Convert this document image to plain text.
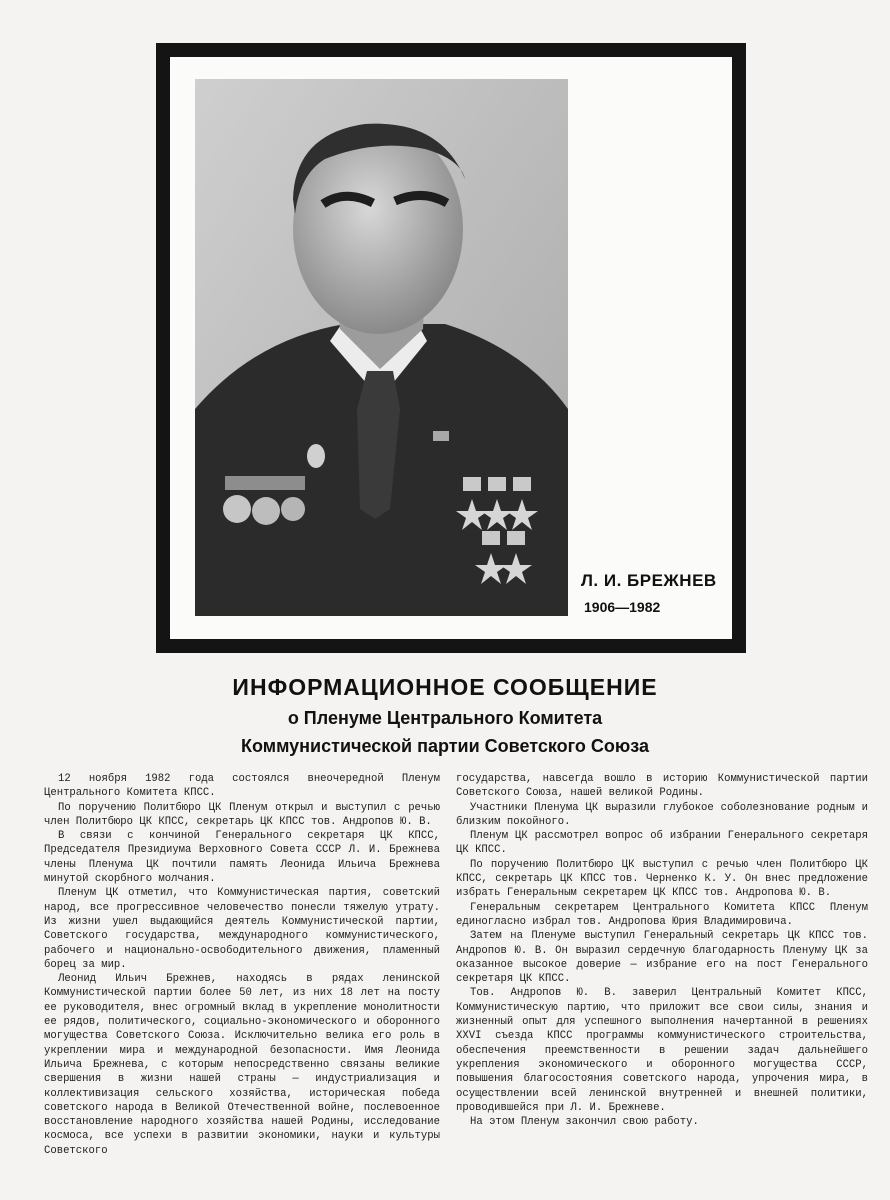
Л. И. БРЕЖНЕВ
1906—1982
ИНФОРМАЦИОННОЕ СООБЩЕНИЕ
о Пленуме Центрального Комитета
Коммунистической партии Советского Союза

12 ноября 1982 года состоялся внеочередной Пленум Центрального Комитета КПСС.

По поручению Политбюро ЦК Пленум открыл и выступил с речью член Политбюро ЦК КПСС, секретарь ЦК КПСС тов. Андропов Ю. В.

В связи с кончиной Генерального секретаря ЦК КПСС, Председателя Президиума Верховного Совета СССР Л. И. Брежнева члены Пленума ЦК почтили память Леонида Ильича Брежнева минутой скорбного молчания.

Пленум ЦК отметил, что Коммунистическая партия, советский народ, все прогрессивное человечество понесли тяжелую утрату. Из жизни ушел выдающийся деятель Коммунистической партии, Советского государства, международного коммунистического, рабочего и национально-освободительного движения, пламенный борец за мир.

Леонид Ильич Брежнев, находясь в рядах ленинской Коммунистической партии более 50 лет, из них 18 лет на посту ее руководителя, внес огромный вклад в укрепление монолитности ее рядов, политического, социально-экономического и оборонного могущества Советского Союза. Исключительно велика его роль в укреплении мира и международной безопасности. Имя Леонида Ильича Брежнева, с которым непосредственно связаны великие свершения в жизни нашей страны — индустриализация и коллективизация сельского хозяйства, историческая победа советского народа в Великой Отечественной войне, послевоенное восстановление народного хозяйства нашей Родины, исследование космоса, все успехи в развитии экономики, науки и культуры Советского

государства, навсегда вошло в историю Коммунистической партии Советского Союза, нашей великой Родины.

Участники Пленума ЦК выразили глубокое соболезнование родным и близким покойного.

Пленум ЦК рассмотрел вопрос об избрании Генерального секретаря ЦК КПСС.

По поручению Политбюро ЦК выступил с речью член Политбюро ЦК КПСС, секретарь ЦК КПСС тов. Черненко К. У. Он внес предложение избрать Генеральным секретарем ЦК КПСС тов. Андропова Ю. В.

Генеральным секретарем Центрального Комитета КПСС Пленум единогласно избрал тов. Андропова Юрия Владимировича.

Затем на Пленуме выступил Генеральный секретарь ЦК КПСС тов. Андропов Ю. В. Он выразил сердечную благодарность Пленуму ЦК за оказанное высокое доверие — избрание его на пост Генерального секретаря ЦК КПСС.

Тов. Андропов Ю. В. заверил Центральный Комитет КПСС, Коммунистическую партию, что приложит все свои силы, знания и жизненный опыт для успешного выполнения начертанной в решениях XXVI съезда КПСС программы коммунистического строительства, обеспечения преемственности в решении задач дальнейшего укрепления экономического и оборонного могущества СССР, повышения благосостояния советского народа, упрочения мира, в осуществлении всей ленинской внутренней и внешней политики, проводившейся при Л. И. Брежневе.

На этом Пленум закончил свою работу.
